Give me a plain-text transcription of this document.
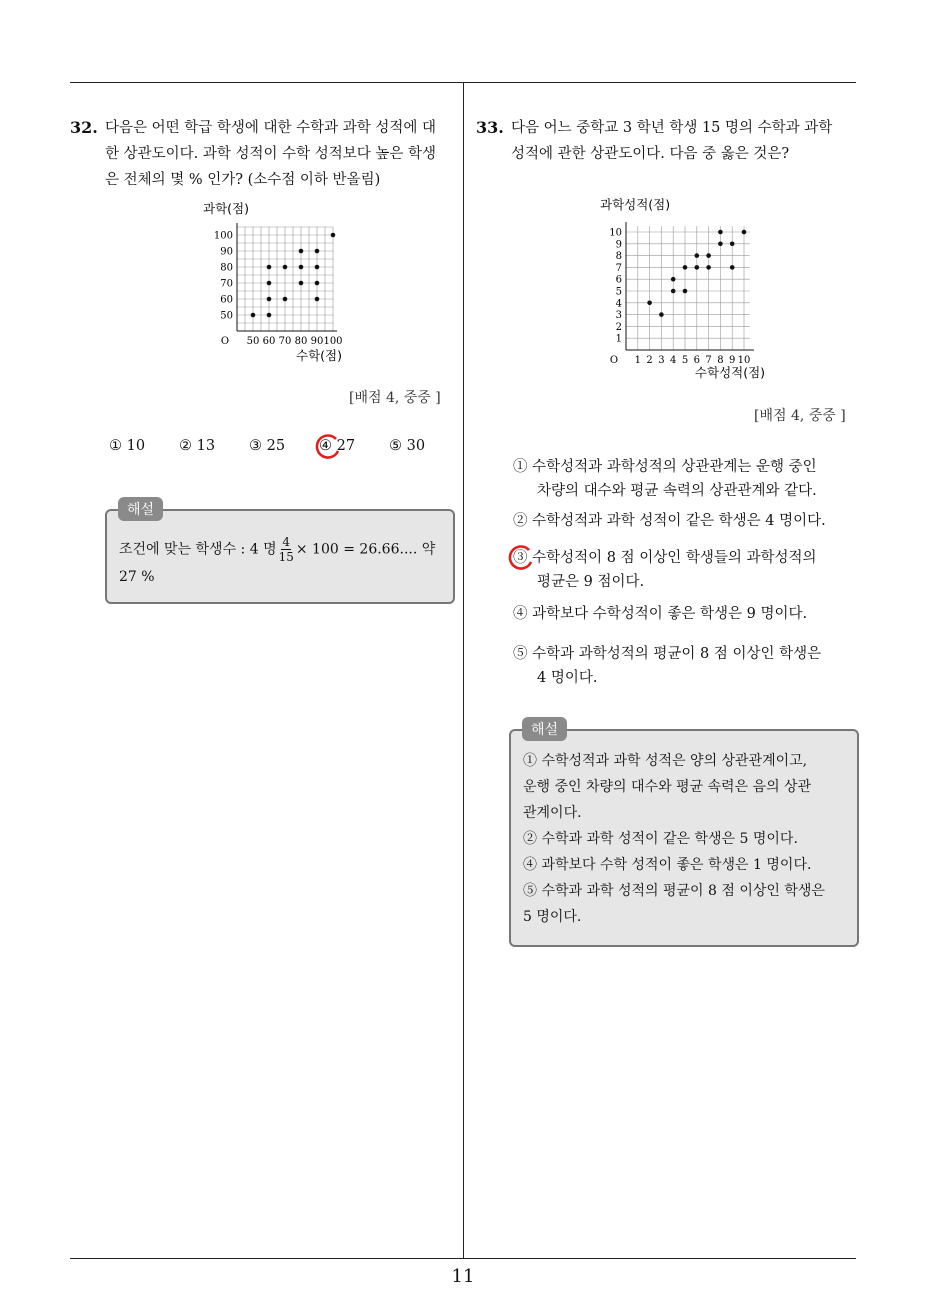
32. 다음은 어떤 학급 학생에 대한 수학과 과학 성적에 대
한 상관도이다. 과학 성적이 수학 성적보다 높은 학생
은 전체의 몇 % 인가? (소수점 이하 반올림)
50 60 70 80 90 100
50
60
70
80
90
100
O
과학(점)
수학(점)
[배점 4, 중중 ]
① 10	② 13	③ 25	④ 27	⑤ 30
조건에 맞는 학생수 : 4 명 $\frac{4}{15} \times 100 = 26.66$.... 약
27 %
해설
33. 다음 어느 중학교 3 학년 학생 15 명의 수학과 과학
성적에 관한 상관도이다. 다음 중 옳은 것은?
1 2 3 4 5 6 7 8 9 10
1
2
3
4
5
6
7
8
9
10
O
과학성적(점)
수학성적(점)
[배점 4, 중중 ]
① 수학성적과 과학성적의 상관관계는 운행 중인
차량의 대수와 평균 속력의 상관관계와 같다.
② 수학성적과 과학 성적이 같은 학생은 4 명이다.
③ 수학성적이 8 점 이상인 학생들의 과학성적의
평균은 9 점이다.
④ 과학보다 수학성적이 좋은 학생은 9 명이다.
⑤ 수학과 과학성적의 평균이 8 점 이상인 학생은
4 명이다.
① 수학성적과 과학 성적은 양의 상관관계이고,
운행 중인 차량의 대수와 평균 속력은 음의 상관
관계이다.
② 수학과 과학 성적이 같은 학생은 5 명이다.
④ 과학보다 수학 성적이 좋은 학생은 1 명이다.
⑤ 수학과 과학 성적의 평균이 8 점 이상인 학생은
5 명이다.
해설
11
